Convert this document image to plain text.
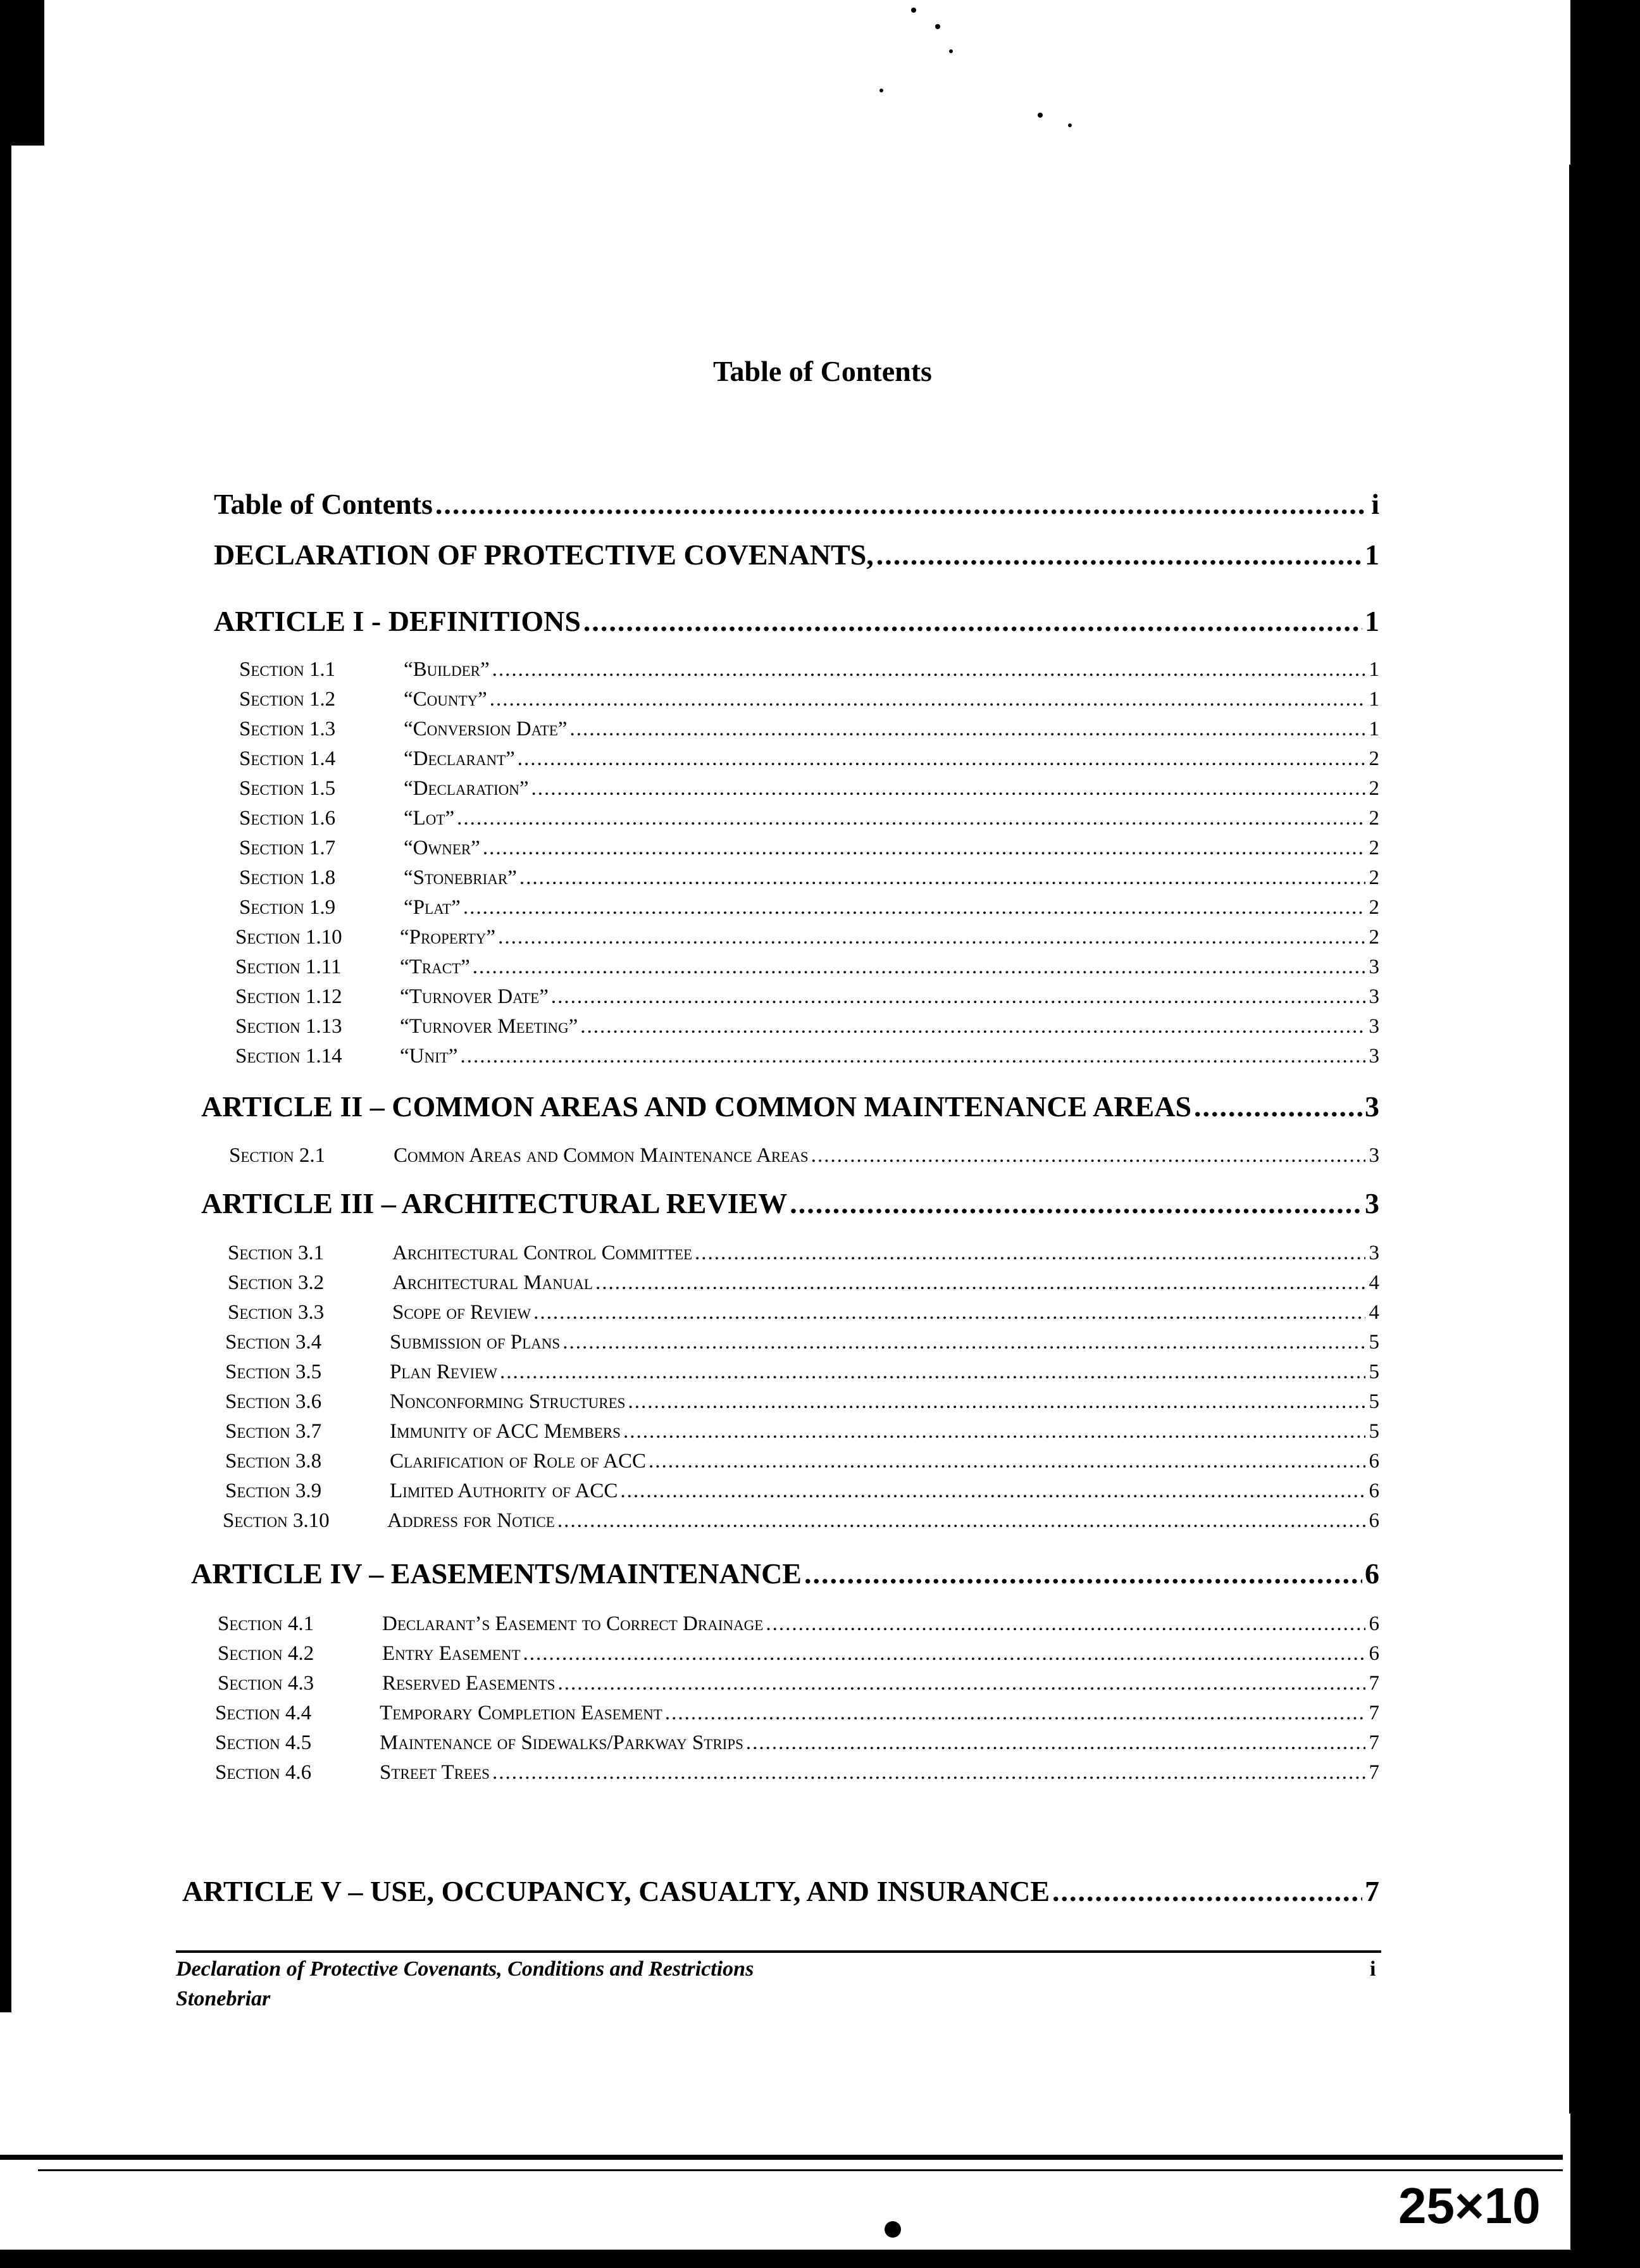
Table of Contents
Table of Contents .....	i
DECLARATION OF PROTECTIVE COVENANTS, .....	1
ARTICLE I - DEFINITIONS .....	1
Section 1.1	“Builder” .....	1
Section 1.2	“County” .....	1
Section 1.3	“Conversion Date” .....	1
Section 1.4	“Declarant” .....	2
Section 1.5	“Declaration” .....	2
Section 1.6	“Lot” .....	2
Section 1.7	“Owner” .....	2
Section 1.8	“Stonebriar” .....	2
Section 1.9	“Plat” .....	2
Section 1.10	“Property” .....	2
Section 1.11	“Tract” .....	3
Section 1.12	“Turnover Date” .....	3
Section 1.13	“Turnover Meeting” .....	3
Section 1.14	“Unit” .....	3
ARTICLE II – COMMON AREAS AND COMMON MAINTENANCE AREAS .....	3
Section 2.1	Common Areas and Common Maintenance Areas .....	3
ARTICLE III – ARCHITECTURAL REVIEW .....	3
Section 3.1	Architectural Control Committee .....	3
Section 3.2	Architectural Manual .....	4
Section 3.3	Scope of Review .....	4
Section 3.4	Submission of Plans .....	5
Section 3.5	Plan Review .....	5
Section 3.6	Nonconforming Structures .....	5
Section 3.7	Immunity of ACC Members .....	5
Section 3.8	Clarification of Role of ACC .....	6
Section 3.9	Limited Authority of ACC .....	6
Section 3.10	Address for Notice .....	6
ARTICLE IV – EASEMENTS/MAINTENANCE .....	6
Section 4.1	Declarant’s Easement to Correct Drainage .....	6
Section 4.2	Entry Easement .....	6
Section 4.3	Reserved Easements .....	7
Section 4.4	Temporary Completion Easement .....	7
Section 4.5	Maintenance of Sidewalks/Parkway Strips .....	7
Section 4.6	Street Trees .....	7
ARTICLE V – USE, OCCUPANCY, CASUALTY, AND INSURANCE .....	7
Declaration of Protective Covenants, Conditions and Restrictions
Stonebriar
i
25×10
